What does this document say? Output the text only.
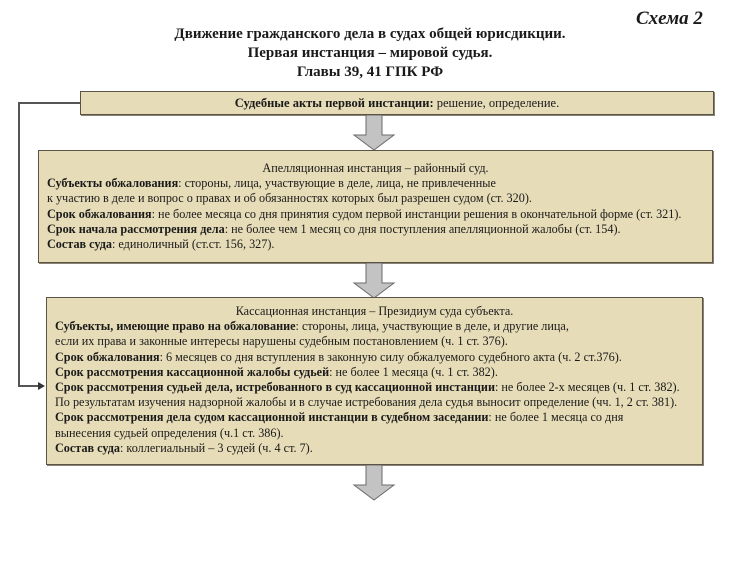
Схема 2
Движение гражданского дела в судах общей юрисдикции.
Первая инстанция – мировой судья.
Главы 39, 41 ГПК РФ
Судебные акты первой инстанции: решение, определение.
Апелляционная инстанция – районный суд.
Субъекты обжалования: стороны, лица, участвующие в деле, лица, не привлеченные
к участию в деле и вопрос о правах и об обязанностях которых был разрешен судом (ст. 320).
Срок обжалования: не более месяца со дня принятия судом первой инстанции решения в окончательной форме (ст. 321).
Срок начала рассмотрения дела: не более чем 1 месяц со дня поступления апелляционной жалобы (ст. 154).
Состав суда: единоличный (ст.ст. 156, 327).
Кассационная инстанция – Президиум суда субъекта.
Субъекты, имеющие право на обжалование: стороны, лица, участвующие в деле, и другие лица,
если их права и законные интересы нарушены судебным постановлением (ч. 1 ст. 376).
Срок обжалования: 6 месяцев со дня вступления в законную силу обжалуемого судебного акта (ч. 2 ст.376).
Срок рассмотрения кассационной жалобы судьей: не более 1 месяца (ч. 1 ст. 382).
Срок рассмотрения судьей дела, истребованного в суд кассационной инстанции: не более 2-х месяцев (ч. 1 ст. 382).
По результатам изучения надзорной жалобы и в случае истребования дела судья выносит определение (чч. 1, 2 ст. 381).
Срок рассмотрения дела судом кассационной инстанции в судебном заседании: не более 1 месяца со дня
вынесения судьей определения (ч.1 ст. 386).
Состав суда: коллегиальный – 3 судей (ч. 4 ст. 7).
